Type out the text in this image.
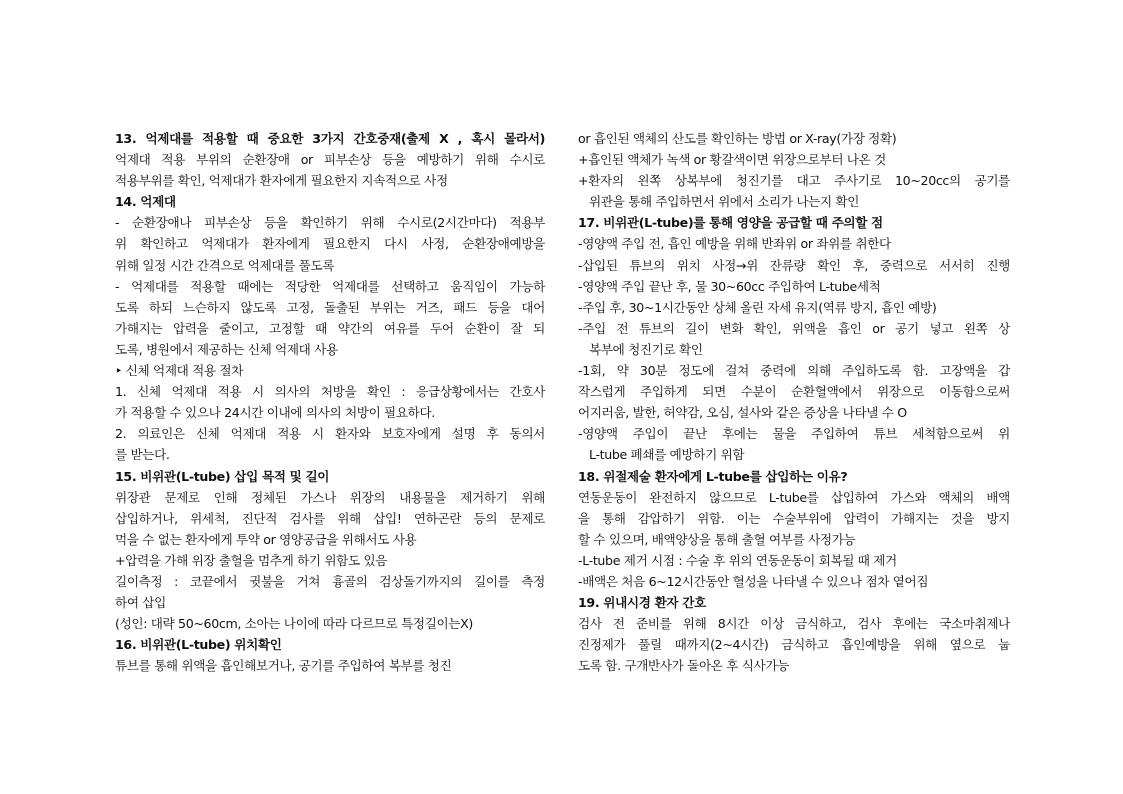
13. 억제대를 적용할 때 중요한 3가지 간호중재(출제 X , 혹시 몰라서)
억제대 적용 부위의 순환장애 or 피부손상 등을 예방하기 위해 수시로
적용부위를 확인, 억제대가 환자에게 필요한지 지속적으로 사정
14. 억제대
- 순환장애나 피부손상 등을 확인하기 위해 수시로(2시간마다) 적용부
위 확인하고 억제대가 환자에게 필요한지 다시 사정, 순환장애예방을
위해 일정 시간 간격으로 억제대를 풀도록
- 억제대를 적용할 때에는 적당한 억제대를 선택하고 움직임이 가능하
도록 하되 느슨하지 않도록 고정, 돌출된 부위는 거즈, 패드 등을 대어
가해지는 압력을 줄이고, 고정할 때 약간의 여유를 두어 순환이 잘 되
도록, 병원에서 제공하는 신체 억제대 사용
‣ 신체 억제대 적용 절차
1. 신체 억제대 적용 시 의사의 처방을 확인 : 응급상황에서는 간호사
가 적용할 수 있으나 24시간 이내에 의사의 처방이 필요하다.
2. 의료인은 신체 억제대 적용 시 환자와 보호자에게 설명 후 동의서
를 받는다.
15. 비위관(L-tube) 삽입 목적 및 길이
위장관 문제로 인해 정체된 가스나 위장의 내용물을 제거하기 위해
삽입하거나, 위세척, 진단적 검사를 위해 삽입! 연하곤란 등의 문제로
먹을 수 없는 환자에게 투약 or 영양공급을 위해서도 사용
+압력을 가해 위장 출혈을 멈추게 하기 위함도 있음
길이측정 : 코끝에서 귓불을 거쳐 흉골의 검상돌기까지의 길이를 측정
하여 삽입
(성인: 대략 50~60cm, 소아는 나이에 따라 다르므로 특정길이는X)
16. 비위관(L-tube) 위치확인
튜브를 통해 위액을 흡인해보거나, 공기를 주입하여 복부를 청진
or 흡인된 액체의 산도를 확인하는 방법 or X-ray(가장 정확)
+흡인된 액체가 녹색 or 황갈색이면 위장으로부터 나온 것
+환자의 왼쪽 상복부에 청진기를 대고 주사기로 10~20cc의 공기를
위관을 통해 주입하면서 위에서 소리가 나는지 확인
17. 비위관(L-tube)를 통해 영양을 공급할 때 주의할 점
-영양액 주입 전, 흡인 예방을 위해 반좌위 or 좌위를 취한다
-삽입된 튜브의 위치 사정→위 잔류량 확인 후, 중력으로 서서히 진행
-영양액 주입 끝난 후, 물 30~60cc 주입하여 L-tube세척
-주입 후, 30~1시간동안 상체 올린 자세 유지(역류 방지, 흡인 예방)
-주입 전 튜브의 길이 변화 확인, 위액을 흡인 or 공기 넣고 왼쪽 상
복부에 청진기로 확인
-1회, 약 30분 정도에 걸쳐 중력에 의해 주입하도록 함. 고장액을 갑
작스럽게 주입하게 되면 수분이 순환혈액에서 위장으로 이동함으로써
어지러움, 발한, 허약감, 오심, 설사와 같은 증상을 나타낼 수 O
-영양액 주입이 끝난 후에는 물을 주입하여 튜브 세척함으로써 위
L-tube 폐쇄를 예방하기 위함
18. 위절제술 환자에게 L-tube를 삽입하는 이유?
연동운동이 완전하지 않으므로 L-tube를 삽입하여 가스와 액체의 배액
을 통해 감압하기 위함. 이는 수술부위에 압력이 가해지는 것을 방지
할 수 있으며, 배액양상을 통해 출혈 여부를 사정가능
-L-tube 제거 시점 : 수술 후 위의 연동운동이 회복될 때 제거
-배액은 처음 6~12시간동안 혈성을 나타낼 수 있으나 점차 옅어짐
19. 위내시경 환자 간호
검사 전 준비를 위해 8시간 이상 금식하고, 검사 후에는 국소마취제나
진정제가 풀릴 때까지(2~4시간) 금식하고 흡인예방을 위해 옆으로 눕
도록 함. 구개반사가 돌아온 후 식사가능
